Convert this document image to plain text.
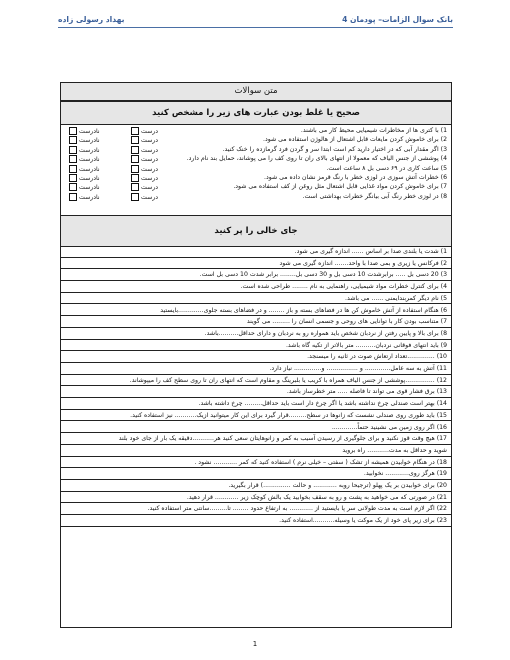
بانک سوال الزامات– پودمان 4
بهداد رسولی زاده
متن سوالات
صحیح یا غلط بودن عبارت های زیر را مشخص کنید
1) با کتری ها از مخاطرات شیمیایی محیط کار می باشند.
درست
نادرست
2) برای خاموش کردن مایعات قابل اشتعال از هالوژن استفاده می شود.
درست
نادرست
3) اگر مقدار آبی که در اختیار دارید کم است ابتدا سر و گردن فرد گرمازده را خنک کنید.
درست
نادرست
4) پوششی از جنس الیاف که معمولا از انتهای بالای ران تا روی کف را می پوشاند، حمایل بند نام دارد.
درست
نادرست
5) ساعت کاری در ۶۹ دسی بل ۸ ساعت است.
درست
نادرست
6) خطرات آتش سوزی در لوزی خطر با رنگ قرمز نشان داده می شود.
درست
نادرست
7) برای خاموش کردن مواد غذایی قابل اشتعال مثل روغن از کف استفاده می شود.
درست
نادرست
8) در لوزی خطر رنگ آبی بیانگر خطرات بهداشتی است.
درست
نادرست
جای خالی را پر کنید
1) شدت یا بلندی صدا بر اساس ...... اندازه گیری می شود.
2) فرکانس یا زیری و بمی صدا با واحد....... اندازه گیری می شود
3) 20 دسی بل ..... برابرشدت 10 دسی بل و 30 دسی بل........ برابر شدت 10 دسی بل است.
4) برای کنترل خطرات مواد شیمیایی، راهنمایی به نام ........ طراحی شده است.
5) نام دیگر کمربندایمنی ...... می باشد.
6) هنگام استفاده از آتش خاموش کن ها در فضاهای بسته و باز ........ و در فضاهای بسته جلوی.............بایستید
7) متناسب بودن کار با توانایی های روحی و جسمی انسان را ......... می گویند
8) برای بالا و پایین رفتن از نردبان شخص باید همواره رو به نردبان و دارای حداقل..........باشد.
9) باید انتهای فوقانی نردبان.......... متر بالاتر از تکیه گاه باشد.
10) ..............تعداد ارتعاش صوت در ثانیه را میسنجد.
11) آتش به سه عامل............. و ................ و.............. نیاز دارد.
12) ...............پوششی از جنس الیاف همراه با کریب یا بلبرینگ و مقاوم است که انتهای ران تا روی سطح کف را میپوشاند.
13) برق فشار قوی می تواند تا فاصله ..... متر خطرساز باشد.
14) بهتر است صندلی چرخ نداشته باشد یا اگر چرخ دار است باید حداقل......... چرخ داشته باشد.
15) باید طوری روی صندلی نشست که زانوها در سطح.........قرار گیرد برای این کار میتوانید ازیک........... نیز استفاده کنید.
16) اگر روی زمین می نشینید حتماً.............
17) هیچ وقت قوز نکنید و برای جلوگیری از رسیدن آسیب به کمر و زانوهایتان سعی کنید هر...........دقیقه یک بار از جای خود بلند
شوید و حداقل به مدت........... راه بروید
18) در هنگام خوابیدن همیشه از تشک ( سفتی – خیلی نرم ) استفاده کنید که کمر ............ نشود .
19) هرگز روی............ نخوابید.
20) برای خوابیدن بر یک پهلو (ترجیحا روبه ............ و حالت ..............) قرار بگیرید.
21) در صورتی که می خواهید به پشت و رو به سقف بخوابید یک بالش کوچک زیر ............ قرار دهید.
22) اگر لازم است به مدت طولانی سر پا بایستید از ............ به ارتفاع حدود ........ تا.........سانتی متر استفاده کنید.
23) برای زیر پای خود از یک موکت یا وسیله...........استفاده کنید.
1
